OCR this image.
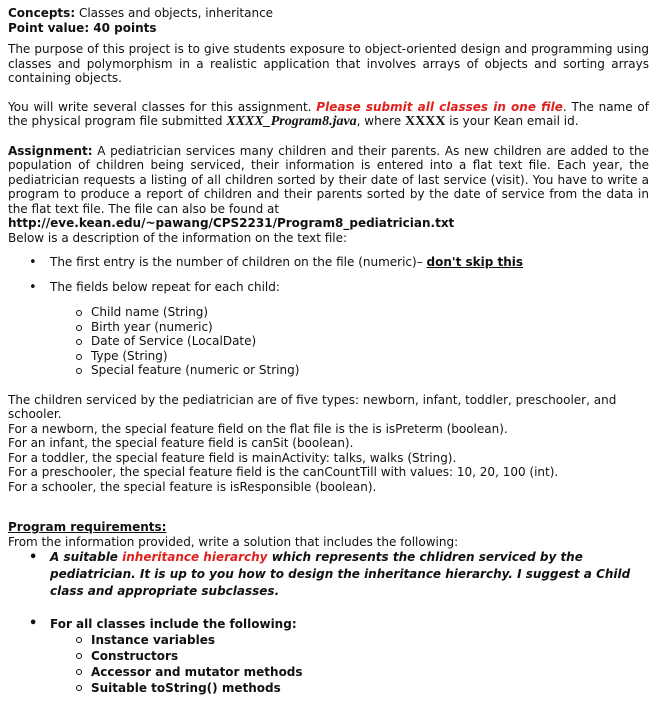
Concepts: Classes and objects, inheritance

Point value: 40 points

The purpose of this project is to give students exposure to object-oriented design and programming using classes and polymorphism in a realistic application that involves arrays of objects and sorting arrays containing objects.

You will write several classes for this assignment. Please submit all classes in one file. The name of the physical program file submitted XXXX_Program8.java, where XXXX is your Kean email id.

Assignment: A pediatrician services many children and their parents. As new children are added to the population of children being serviced, their information is entered into a flat text file. Each year, the pediatrician requests a listing of all children sorted by their date of last service (visit). You have to write a program to produce a report of children and their parents sorted by the date of service from the data in the flat text file. The file can also be found at

http://eve.kean.edu/~pawang/CPS2231/Program8_pediatrician.txt

Below is a description of the information on the text file:

• The first entry is the number of children on the file (numeric)– don't skip this
• The fields below repeat for each child:
Child name (String)
Birth year (numeric)
Date of Service (LocalDate)
Type (String)
Special feature (numeric or String)

The children serviced by the pediatrician are of five types: newborn, infant, toddler, preschooler, and schooler.

For a newborn, the special feature field on the flat file is the is isPreterm (boolean).

For an infant, the special feature field is canSit (boolean).

For a toddler, the special feature field is mainActivity: talks, walks (String).

For a preschooler, the special feature field is the canCountTill with values: 10, 20, 100 (int).

For a schooler, the special feature is isResponsible (boolean).

Program requirements:

From the information provided, write a solution that includes the following:

• A suitable inheritance hierarchy which represents the chlidren serviced by the pediatrician. It is up to you how to design the inheritance hierarchy. I suggest a Child class and appropriate subclasses.
• For all classes include the following:
Instance variables
Constructors
Accessor and mutator methods
Suitable toString() methods
